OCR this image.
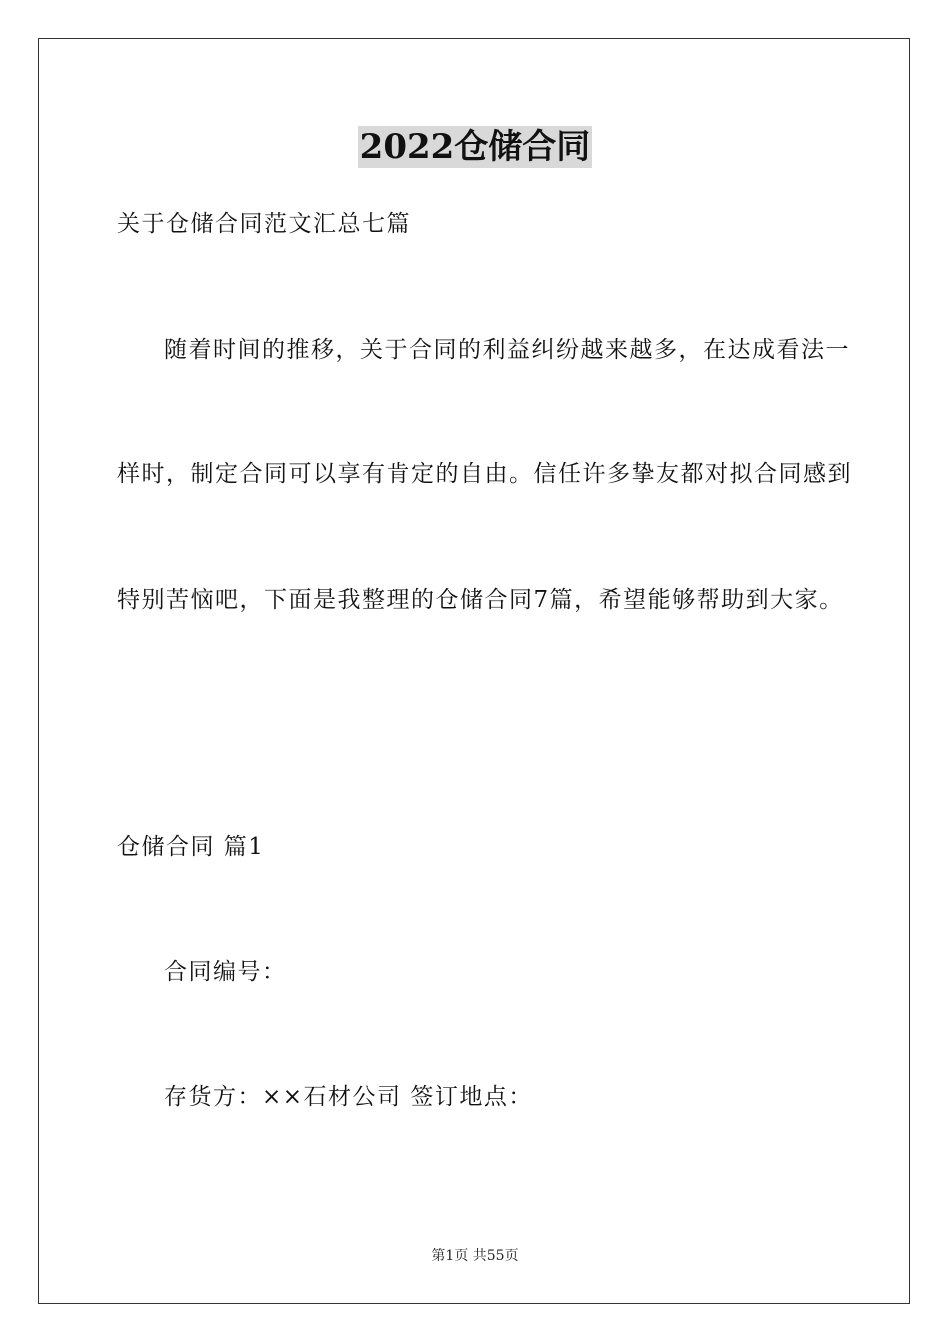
2022仓储合同
关于仓储合同范文汇总七篇
随着时间的推移，关于合同的利益纠纷越来越多，在达成看法一
样时，制定合同可以享有肯定的自由。信任许多挚友都对拟合同感到
特别苦恼吧，下面是我整理的仓储合同7篇，希望能够帮助到大家。
仓储合同 篇1
合同编号：
存货方：××石材公司 签订地点：
第1页 共55页
